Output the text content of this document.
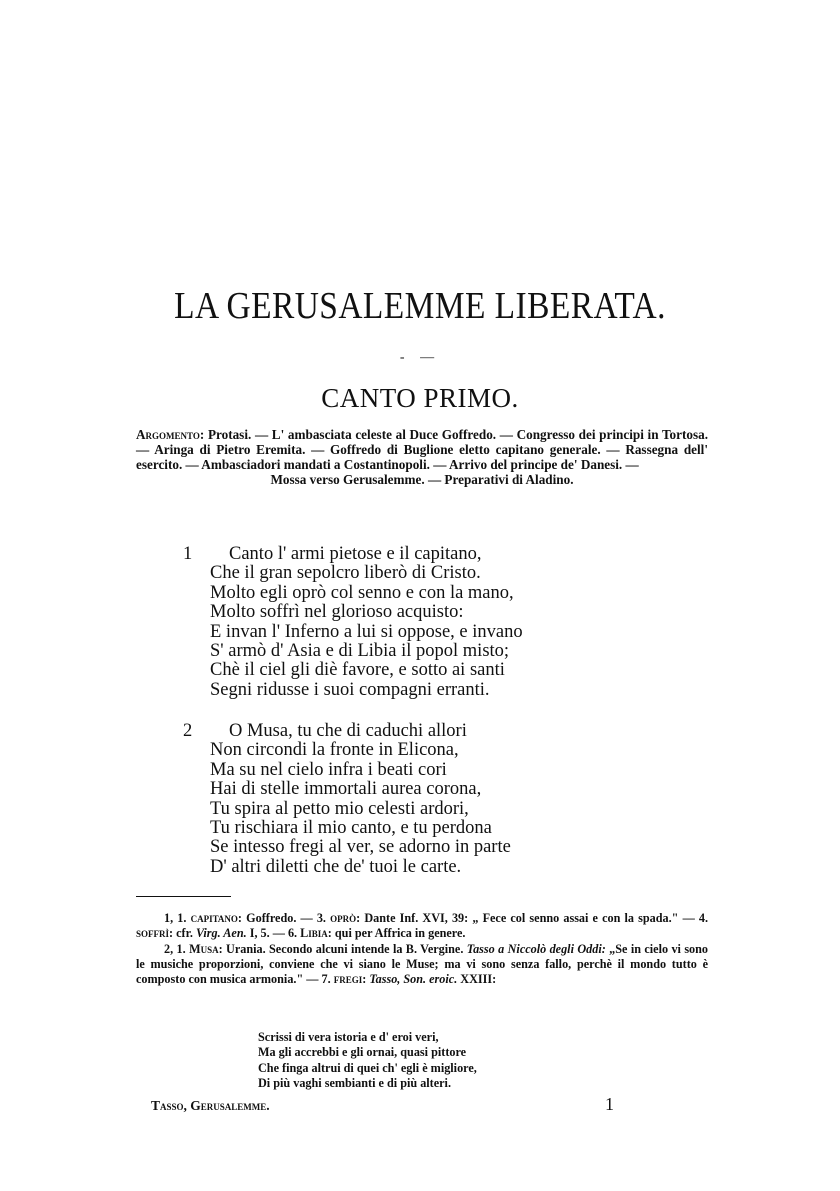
LA GERUSALEMME LIBERATA.
- —
CANTO PRIMO.
Argomento: Protasi. — L' ambasciata celeste al Duce Goffredo. — Congresso dei principi in Tortosa. — Aringa di Pietro Eremita. — Goffredo di Buglione eletto capitano generale. — Rassegna dell' esercito. — Ambasciadori mandati a Costantinopoli. — Arrivo del principe de' Danesi. —
Mossa verso Gerusalemme. — Preparativi di Aladino.
1 Canto l' armi pietose e il capitano,
Che il gran sepolcro liberò di Cristo.
Molto egli oprò col senno e con la mano,
Molto soffrì nel glorioso acquisto:
E invan l' Inferno a lui si oppose, e invano
S' armò d' Asia e di Libia il popol misto;
Chè il ciel gli diè favore, e sotto ai santi
Segni ridusse i suoi compagni erranti.
2 O Musa, tu che di caduchi allori
Non circondi la fronte in Elicona,
Ma su nel cielo infra i beati cori
Hai di stelle immortali aurea corona,
Tu spira al petto mio celesti ardori,
Tu rischiara il mio canto, e tu perdona
Se intesso fregi al ver, se adorno in parte
D' altri diletti che de' tuoi le carte.

1, 1. capitano: Goffredo. — 3. oprò: Dante Inf. XVI, 39: „ Fece col senno assai e con la spada." — 4. soffrì: cfr. Virg. Aen. I, 5. — 6. Libia: qui per Affrica in genere.

2, 1. Musa: Urania. Secondo alcuni intende la B. Vergine. Tasso a Niccolò degli Oddi: „Se in cielo vi sono le musiche proporzioni, conviene che vi siano le Muse; ma vi sono senza fallo, perchè il mondo tutto è composto con musica armonia." — 7. fregi: Tasso, Son. eroic. XXIII:

Scrissi di vera istoria e d' eroi veri,
Ma gli accrebbi e gli ornai, quasi pittore
Che finga altrui di quei ch' egli è migliore,
Di più vaghi sembianti e di più alteri.
Tasso, Gerusalemme.	1
